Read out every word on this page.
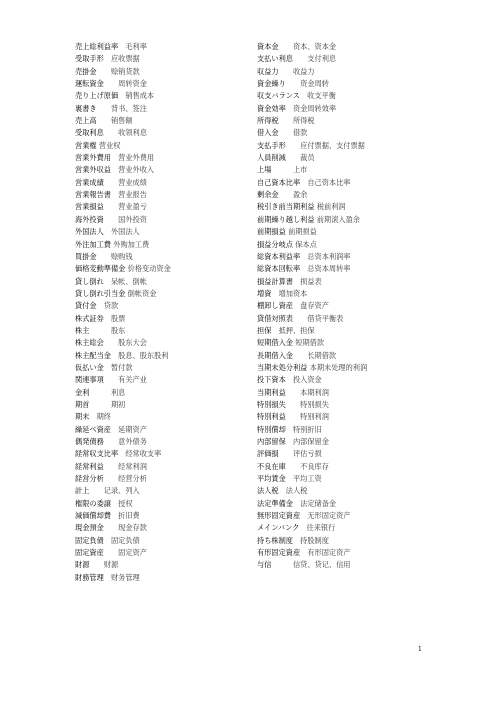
売上総利益率　 毛利率
受取手形　 应收票据
売掛金　　 赊销货款
運転資金　　 周转资金
売り上げ原価　 销售成本
裏書き　　 背书、签注
売上高　　 销售额
受取利息　　 收领利息
営業権 营业权
営業外費用　 营业外费用
営業外収益　 营业外收入
営業成績　　 营业成绩
営業報告書　 营业报告
営業損益　　 营业盈亏
海外投資　　 国外投资
外国法人　 外国法人
外注加工費 外购加工费
買掛金　　 赊购钱
価格変動準備金 价格变动资金
貸し倒れ　 呆帐、倒帐
貸し倒れ引当金 倒帐资金
貸付金　 贷款
株式証券　 股票
株主　　　	股东
株主総会　　 股东大会
株主配当金　 股息、股东股利
仮払い金　 暂付款
関連事項　　 有关产业
金利　　　	利息
期首　　　	期初
期末　 期终
繰延べ資産　 延期资产
偶発債務　　 意外债务
経常収支比率　 经常收支率
経常利益　　 经常利润
経営分析　　 经营分析
計上　　 记录、列入
権限の委譲　 授权
減価償却費　 折旧费
現金預金　　 现金存款
固定負債　 固定负债
固定資産　　 固定资产
財源　　 财源
財務管理　 财务管理
資本金　　 资本、资本金
支払い利息　　 支付利息
収益力　　 收益力
資金繰り　　 资金周转
収支バランス　 收支平衡
資金効率　 资金周转效率
所得税　　 所得税
借入金　　 借款
支払手形　　 应付票据、支付票据
人員削減　　 裁员
上場　　　	上市
自己資本比率　 自己资本比率
剰余金　　 盈余
税引き前当期利益 税前利润
前期繰り越し利益 前期滚入盈余
前期損益 前期损益
損益分岐点 保本点
総資本利益率　 总资本利润率
総資本回転率　 总资本周转率
損益計算書　 损益表
増資　 增加资本
棚卸し資産　 盘存资产
貸借対照表　　 借贷平衡表
担保　 抵押、担保
短期借入金 短期借款
長期借入金　　 长期借款
当期未処分利益 本期未处理的利润
投下資本　 投入资金
当期利益　　 本期利润
特別損失　　 特别损失
特別利益　　 特别利润
特別償却　 特别折旧
内部留保　 内部保留金
評価損　　 评估亏损
不良在庫　　 不良库存
平均賃金　 平均工资
法人税　 法人税
法定準備金　 法定储备金
無形固定資産　 无形固定资产
メインバンク　 往来银行
持ち株制度　 持股制度
有形固定資産　 有形固定资产
与信　　　	信贷、贷记、信用
1
